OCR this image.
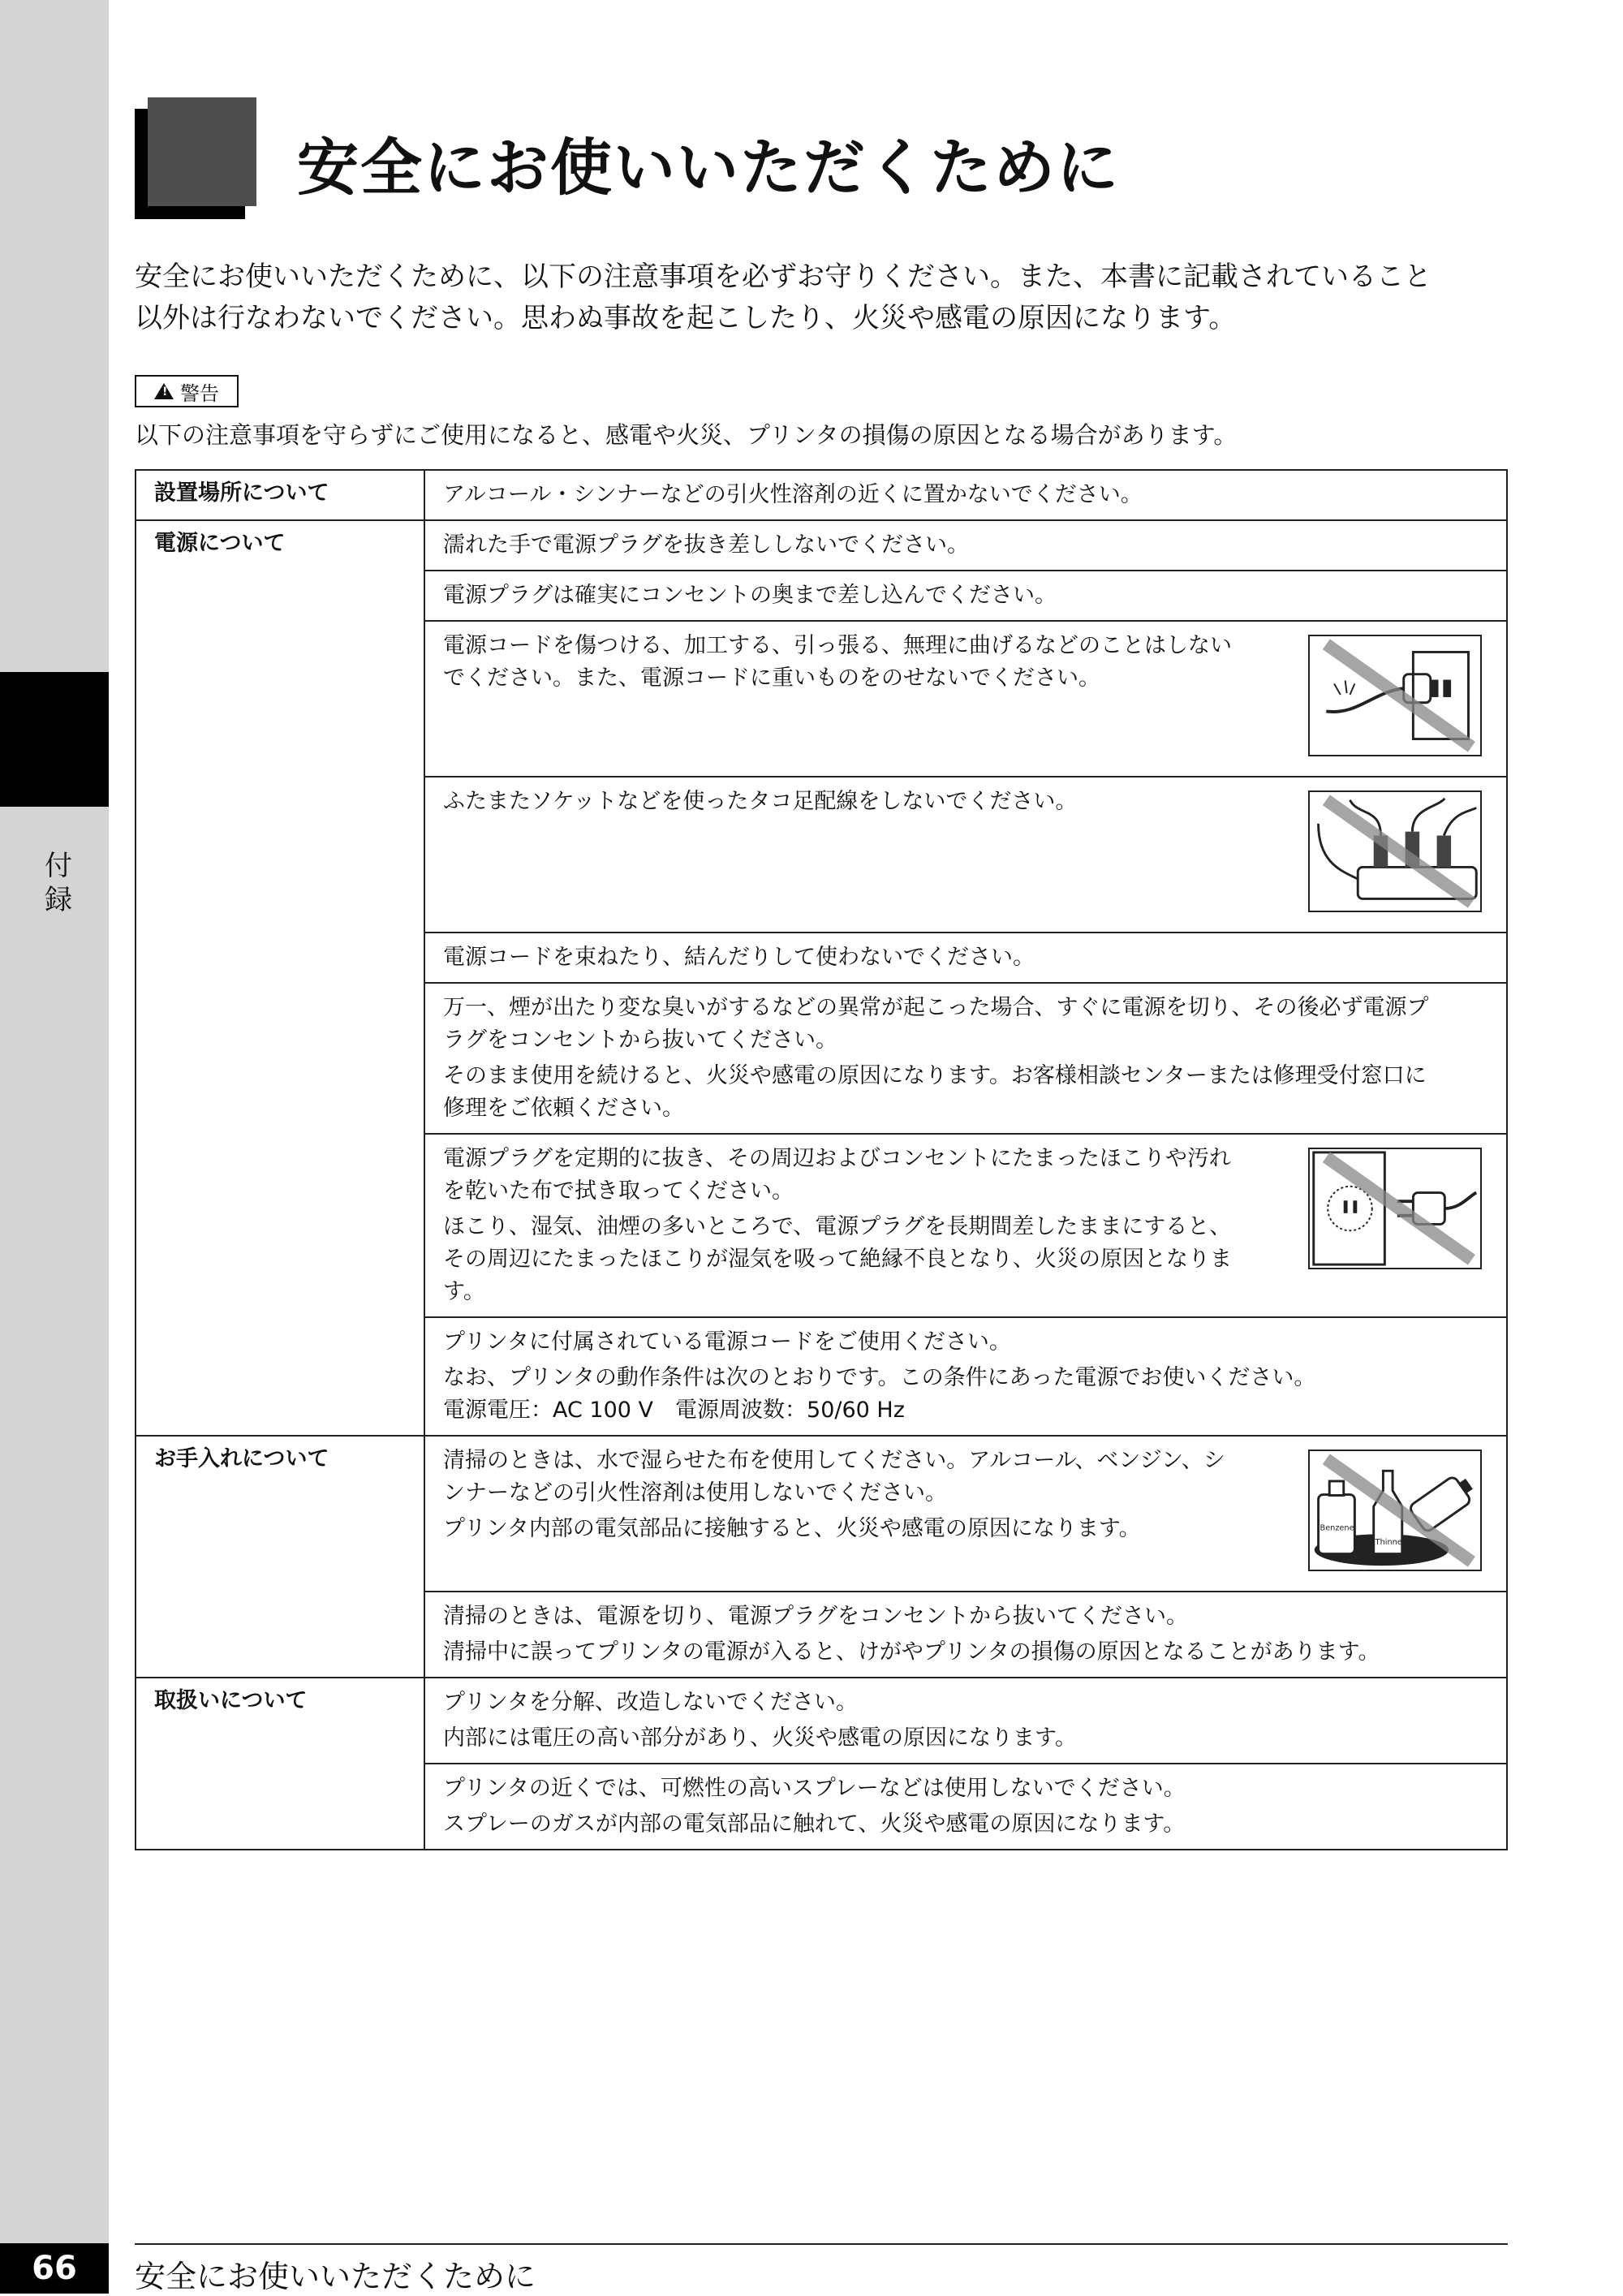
付録
安全にお使いいただくために
安全にお使いいただくために、以下の注意事項を必ずお守りください。また、本書に記載されていること
以外は行なわないでください。思わぬ事故を起こしたり、火災や感電の原因になります。
! 警告
以下の注意事項を守らずにご使用になると、感電や火災、プリンタの損傷の原因となる場合があります。
設置場所について	アルコール・シンナーなどの引火性溶剤の近くに置かないでください。

電源について	濡れた手で電源プラグを抜き差ししないでください。

	電源プラグは確実にコンセントの奥まで差し込んでください。

	電源コードを傷つける、加工する、引っ張る、無理に曲げるなどのことはしない
でください。また、電源コードに重いものをのせないでください。

	ふたまたソケットなどを使ったタコ足配線をしないでください。

	電源コードを束ねたり、結んだりして使わないでください。

	万一、煙が出たり変な臭いがするなどの異常が起こった場合、すぐに電源を切り、その後必ず電源プ
ラグをコンセントから抜いてください。

そのまま使用を続けると、火災や感電の原因になります。お客様相談センターまたは修理受付窓口に
修理をご依頼ください。

	電源プラグを定期的に抜き、その周辺およびコンセントにたまったほこりや汚れ
を乾いた布で拭き取ってください。

ほこり、湿気、油煙の多いところで、電源プラグを長期間差したままにすると、
その周辺にたまったほこりが湿気を吸って絶縁不良となり、火災の原因となりま
す。

	プリンタに付属されている電源コードをご使用ください。

なお、プリンタの動作条件は次のとおりです。この条件にあった電源でお使いください。
電源電圧：AC 100 V　電源周波数：50/60 Hz

お手入れについて	清掃のときは、水で湿らせた布を使用してください。アルコール、ベンジン、シ
ンナーなどの引火性溶剤は使用しないでください。

プリンタ内部の電気部品に接触すると、火災や感電の原因になります。 Benzene
Thinner

	清掃のときは、電源を切り、電源プラグをコンセントから抜いてください。

清掃中に誤ってプリンタの電源が入ると、けがやプリンタの損傷の原因となることがあります。

取扱いについて	プリンタを分解、改造しないでください。

内部には電圧の高い部分があり、火災や感電の原因になります。

	プリンタの近くでは、可燃性の高いスプレーなどは使用しないでください。

スプレーのガスが内部の電気部品に触れて、火災や感電の原因になります。

66	安全にお使いいただくために
